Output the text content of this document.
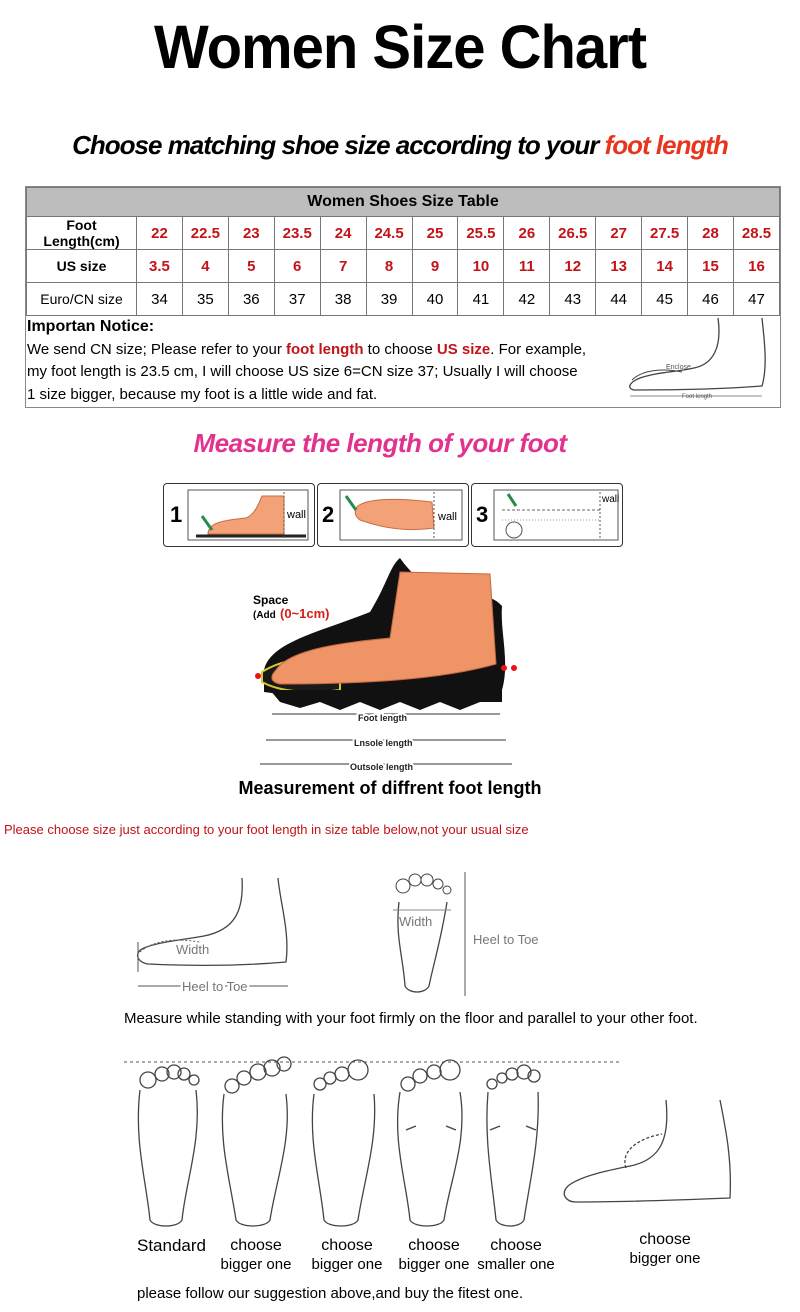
Women Size Chart
Choose matching shoe size according to your foot length
Women Shoes Size Table														
Foot Length(cm)	22	22.5	23	23.5	24	24.5	25	25.5	26	26.5	27	27.5	28	28.5
US size	3.5	4	5	6	7	8	9	10	11	12	13	14	15	16
Euro/CN size	34	35	36	37	38	39	40	41	42	43	44	45	46	47
Importan Notice:
We send CN size; Please refer to your foot length to choose US size. For example,
my foot length is 23.5 cm, I will choose US size 6=CN size 37; Usually I will choose
1 size bigger, because my foot is a little wide and fat.
Enclose
Foot length
Measure the length of your foot
1	wall 2	wall 3
wall
Space
(Add (0~1cm)
Foot length
Lnsole length
Outsole length
Measurement of diffrent foot length
Please choose size just according to your foot length in size table below,not your usual size
Width
Heel to Toe
Width
Heel to Toe
Measure while standing with your foot firmly on the floor and parallel to your other foot.
Standard	choose
bigger one
choose
bigger one
choose
bigger one
choose
smaller one
choose
bigger one
please follow our suggestion above,and buy the fitest one.
